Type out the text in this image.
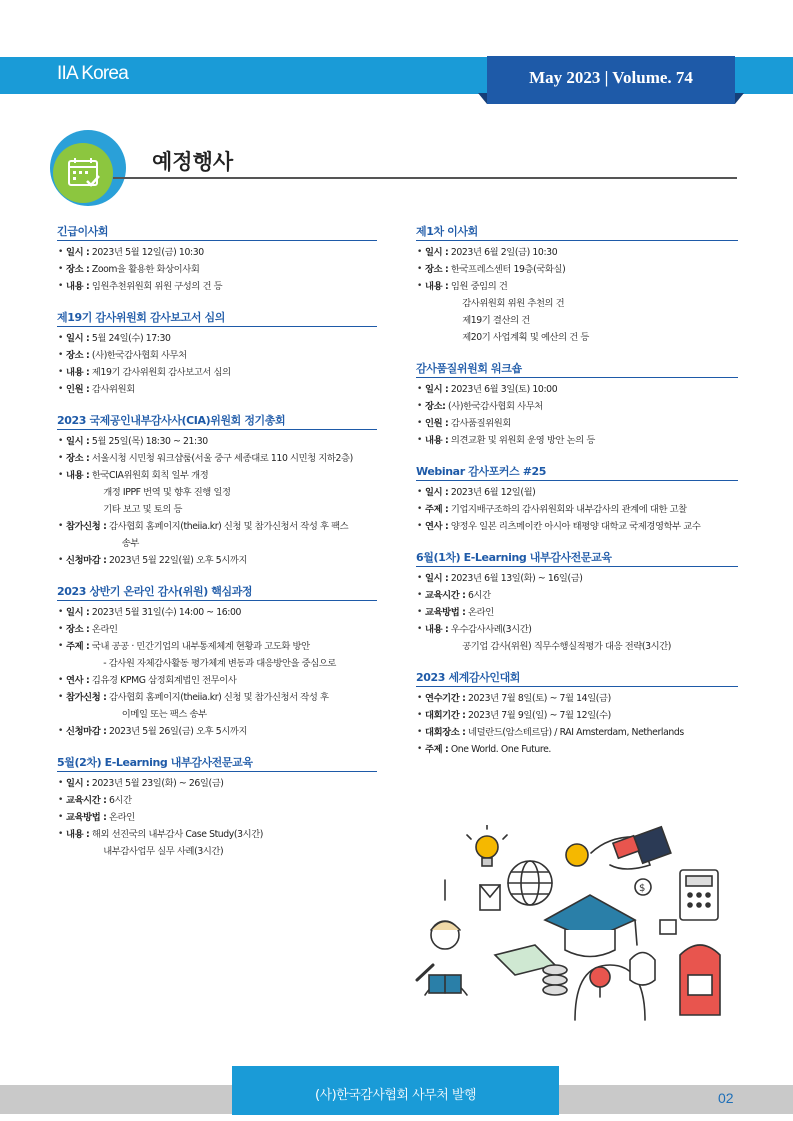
IIA Korea	May 2023 | Volume. 74
예정행사
긴급이사회
• 일시 : 2023년 5월 12일(금) 10:30
• 장소 : Zoom을 활용한 화상이사회
• 내용 : 임원추천위원회 위원 구성의 건 등
제19기 감사위원회 감사보고서 심의
• 일시 : 5월 24일(수) 17:30
• 장소 : (사)한국감사협회 사무처
• 내용 : 제19기 감사위원회 감사보고서 심의
• 인원 : 감사위원회
2023 국제공인내부감사사(CIA)위원회 정기총회
• 일시 : 5월 25일(목) 18:30 ~ 21:30
• 장소 : 서울시청 시민청 워크샵룸(서울 중구 세종대로 110 시민청 지하2층)
• 내용 : 한국CIA위원회 회칙 일부 개정
개정 IPPF 번역 및 향후 진행 일정
기타 보고 및 토의 등
• 참가신청 : 감사협회 홈페이지(theiia.kr) 신청 및 참가신청서 작성 후 팩스
송부
• 신청마감 : 2023년 5월 22일(월) 오후 5시까지
2023 상반기 온라인 감사(위원) 핵심과정
• 일시 : 2023년 5월 31일(수) 14:00 ~ 16:00
• 장소 : 온라인
• 주제 : 국내 공공 · 민간기업의 내부통제체계 현황과 고도화 방안
- 감사원 자체감사활동 평가체계 변동과 대응방안을 중심으로
• 연사 : 김유경 KPMG 삼정회계법인 전무이사
• 참가신청 : 감사협회 홈페이지(theiia.kr) 신청 및 참가신청서 작성 후
이메일 또는 팩스 송부
• 신청마감 : 2023년 5월 26일(금) 오후 5시까지
5월(2차) E-Learning 내부감사전문교육
• 일시 : 2023년 5월 23일(화) ~ 26일(금)
• 교육시간 : 6시간
• 교육방법 : 온라인
• 내용 : 해외 선진국의 내부감사 Case Study(3시간)
내부감사업무 실무 사례(3시간)
제1차 이사회
• 일시 : 2023년 6월 2일(금) 10:30
• 장소 : 한국프레스센터 19층(국화실)
• 내용 : 임원 중임의 건
감사위원회 위원 추천의 건
제19기 결산의 건
제20기 사업계획 및 예산의 건 등
감사품질위원회 워크숍
• 일시 : 2023년 6월 3일(토) 10:00
• 장소: (사)한국감사협회 사무처
• 인원 : 감사품질위원회
• 내용 : 의견교환 및 위원회 운영 방안 논의 등
Webinar 감사포커스 #25
• 일시 : 2023년 6월 12일(월)
• 주제 : 기업지배구조하의 감사위원회와 내부감사의 관계에 대한 고찰
• 연사 : 양정우 일본 리츠메이칸 아시아 태평양 대학교 국제경영학부 교수
6월(1차) E-Learning 내부감사전문교육
• 일시 : 2023년 6월 13일(화) ~ 16일(금)
• 교육시간 : 6시간
• 교육방법 : 온라인
• 내용 : 우수감사사례(3시간)
공기업 감사(위원) 직무수행실적평가 대응 전략(3시간)
2023 세계감사인대회
• 연수기간 : 2023년 7월 8일(토) ~ 7월 14일(금)
• 대회기간 : 2023년 7월 9일(일) ~ 7월 12일(수)
• 대회장소 : 네덜란드(암스테르담) / RAI Amsterdam, Netherlands
• 주제 : One World. One Future.
$
(사)한국감사협회 사무처 발행	02
